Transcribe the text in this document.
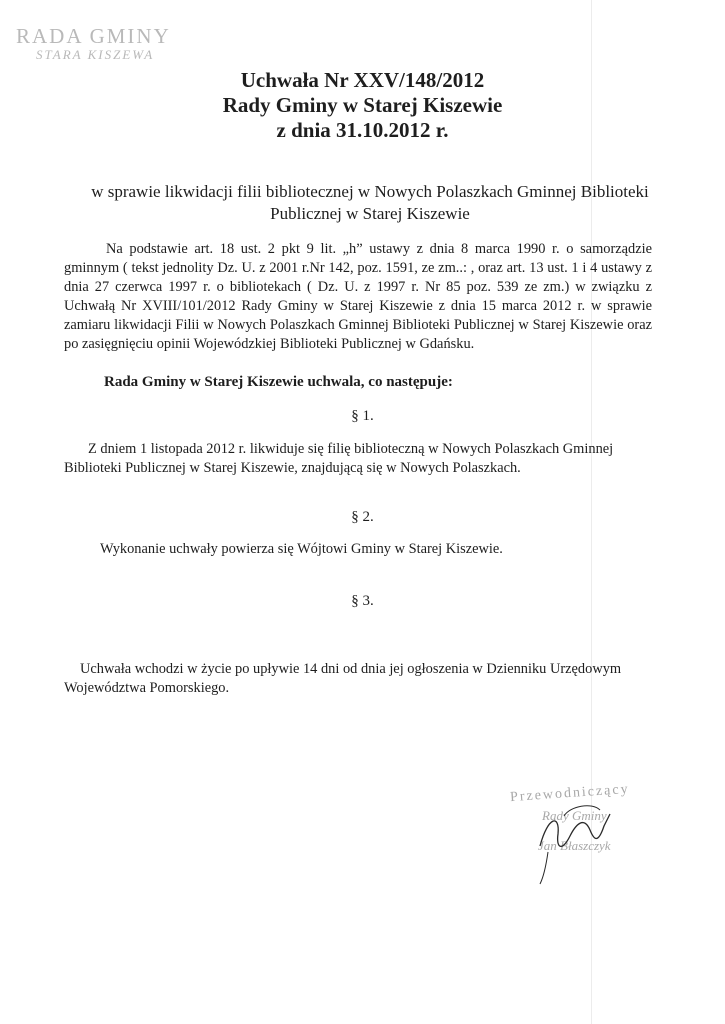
RADA GMINY
STARA KISZEWA
Uchwała Nr XXV/148/2012
Rady Gminy w Starej Kiszewie
z dnia 31.10.2012 r.
w sprawie likwidacji filii bibliotecznej w Nowych Polaszkach Gminnej Biblioteki
Publicznej w Starej Kiszewie
Na podstawie art. 18 ust. 2 pkt 9 lit. „h” ustawy z dnia 8 marca 1990 r. o samorządzie gminnym ( tekst jednolity Dz. U. z 2001 r.Nr 142, poz. 1591, ze zm..: , oraz art. 13 ust. 1 i 4 ustawy z dnia 27 czerwca 1997 r. o bibliotekach ( Dz. U. z 1997 r. Nr 85 poz. 539 ze zm.) w związku z Uchwałą Nr XVIII/101/2012 Rady Gminy w Starej Kiszewie z dnia 15 marca 2012 r. w sprawie zamiaru likwidacji Filii w Nowych Polaszkach Gminnej Biblioteki Publicznej w Starej Kiszewie oraz po zasięgnięciu opinii Wojewódzkiej Biblioteki Publicznej w Gdańsku.
Rada Gminy w Starej Kiszewie uchwala, co następuje:
§ 1.
Z dniem 1 listopada 2012 r. likwiduje się filię biblioteczną w Nowych Polaszkach Gminnej Biblioteki Publicznej w Starej Kiszewie, znajdującą się w Nowych Polaszkach.
§ 2.
Wykonanie uchwały powierza się Wójtowi Gminy w Starej Kiszewie.
§ 3.
Uchwała wchodzi w życie po upływie 14 dni od dnia jej ogłoszenia w Dzienniku Urzędowym Województwa Pomorskiego.
Przewodniczący
Rady Gminy
Jan Błaszczyk
